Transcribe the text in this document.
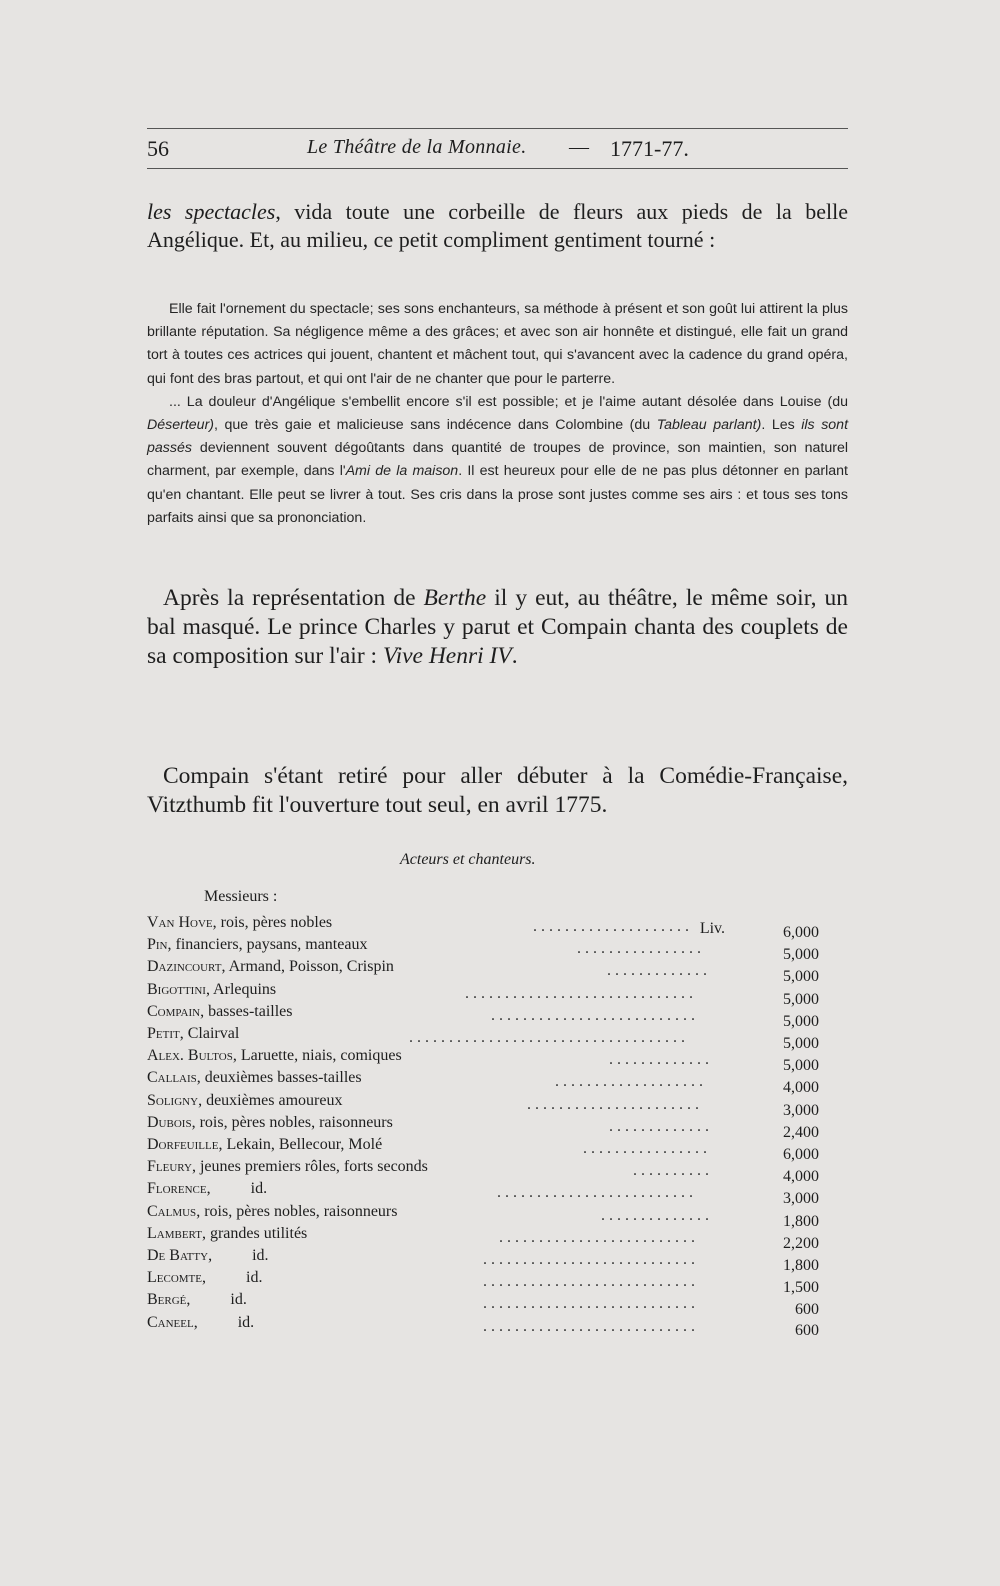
56	Le Théâtre de la Monnaie. — 1771-77.
les spectacles, vida toute une corbeille de fleurs aux pieds de la belle Angélique. Et, au milieu, ce petit compliment gentiment tourné :

Elle fait l'ornement du spectacle; ses sons enchanteurs, sa méthode à présent et son goût lui attirent la plus brillante réputation. Sa négligence même a des grâces; et avec son air honnête et distingué, elle fait un grand tort à toutes ces actrices qui jouent, chantent et mâchent tout, qui s'avancent avec la cadence du grand opéra, qui font des bras partout, et qui ont l'air de ne chanter que pour le parterre.

... La douleur d'Angélique s'embellit encore s'il est possible; et je l'aime autant désolée dans Louise (du Déserteur), que très gaie et malicieuse sans indécence dans Colombine (du Tableau parlant). Les ils sont passés deviennent souvent dégoûtants dans quantité de troupes de province, son maintien, son naturel charment, par exemple, dans l'Ami de la maison. Il est heureux pour elle de ne pas plus détonner en parlant qu'en chantant. Elle peut se livrer à tout. Ses cris dans la prose sont justes comme ses airs : et tous ses tons parfaits ainsi que sa prononciation.

Après la représentation de Berthe il y eut, au théâtre, le même soir, un bal masqué. Le prince Charles y parut et Compain chanta des couplets de sa composition sur l'air : Vive Henri IV.

Compain s'étant retiré pour aller débuter à la Comédie-Française, Vitzthumb fit l'ouverture tout seul, en avril 1775.

Acteurs et chanteurs.
Messieurs :
Van Hove, rois, pères nobles	.................... Liv.	6,000
Pin, financiers, paysans, manteaux	................	5,000
Dazincourt, Armand, Poisson, Crispin	.............	5,000
Bigottini, Arlequins	.............................	5,000
Compain, basses-tailles	..........................	5,000
Petit, Clairval	...................................	5,000
Alex. Bultos, Laruette, niais, comiques	.............	5,000
Callais, deuxièmes basses-tailles	...................	4,000
Soligny, deuxièmes amoureux	......................	3,000
Dubois, rois, pères nobles, raisonneurs	.............	2,400
Dorfeuille, Lekain, Bellecour, Molé	................	6,000
Fleury, jeunes premiers rôles, forts seconds	..........	4,000
Florence,          id.	.........................	3,000
Calmus, rois, pères nobles, raisonneurs	..............	1,800
Lambert, grandes utilités	.........................	2,200
De Batty,          id.	...........................	1,800
Lecomte,          id.	...........................	1,500
Bergé,          id.	...........................	600
Caneel,          id.	...........................	600
